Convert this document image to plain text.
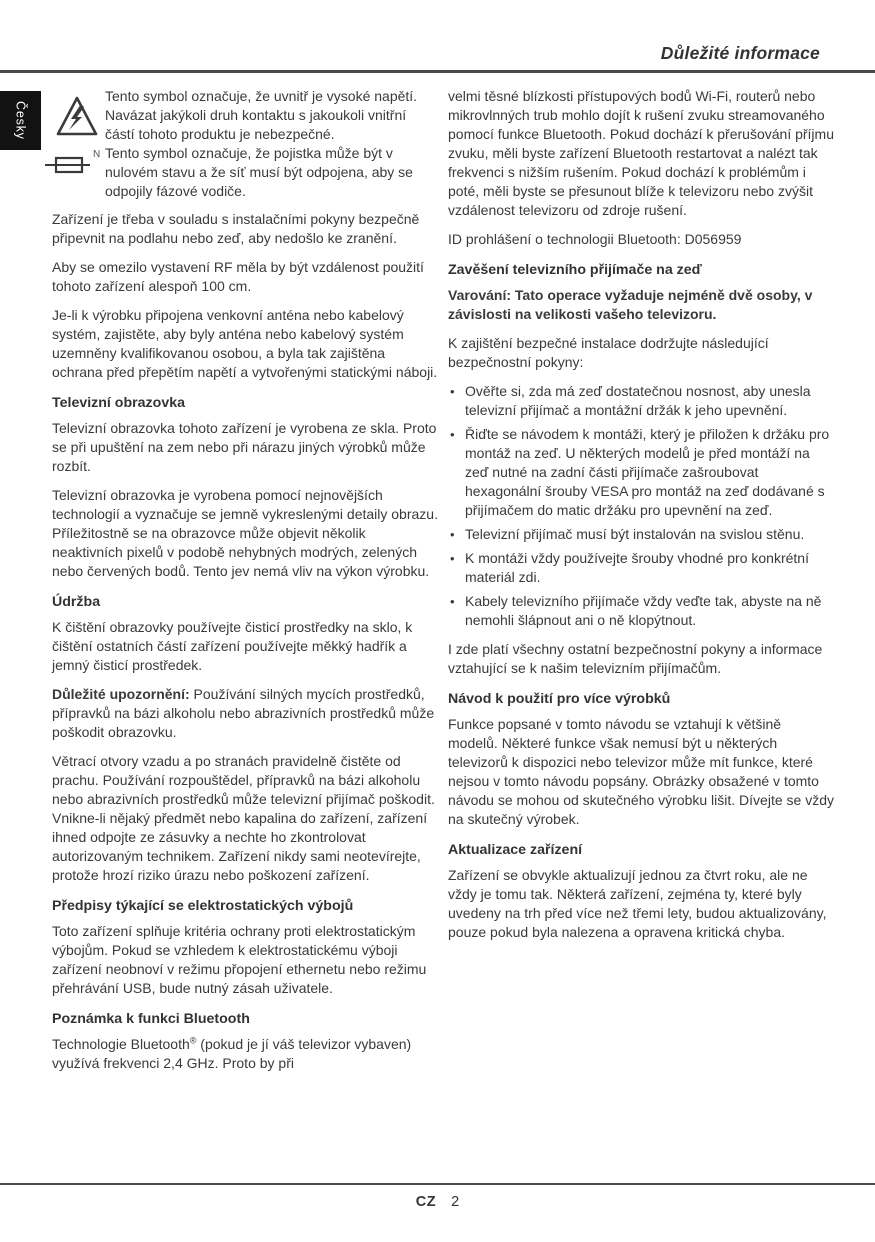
Důležité informace
Česky

Tento symbol označuje, že uvnitř je vysoké napětí. Navázat jakýkoli druh kontaktu s jakoukoli vnitřní částí tohoto produktu je nebezpečné.

N Tento symbol označuje, že pojistka může být v nulovém stavu a že síť musí být odpojena, aby se odpojily fázové vodiče.

Zařízení je třeba v souladu s instalačními pokyny bezpečně připevnit na podlahu nebo zeď, aby nedošlo ke zranění.

Aby se omezilo vystavení RF měla by být vzdálenost použití tohoto zařízení alespoň 100 cm.

Je-li k výrobku připojena venkovní anténa nebo kabelový systém, zajistěte, aby byly anténa nebo kabelový systém uzemněny kvalifikovanou osobou, a byla tak zajištěna ochrana před přepětím napětí a vytvořenými statickými náboji.

Televizní obrazovka

Televizní obrazovka tohoto zařízení je vyrobena ze skla. Proto se při upuštění na zem nebo při nárazu jiných výrobků může rozbít.

Televizní obrazovka je vyrobena pomocí nejnovějších technologií a vyznačuje se jemně vykreslenými detaily obrazu. Příležitostně se na obrazovce může objevit několik neaktivních pixelů v podobě nehybných modrých, zelených nebo červených bodů. Tento jev nemá vliv na výkon výrobku.

Údržba

K čištění obrazovky používejte čisticí prostředky na sklo, k čištění ostatních částí zařízení používejte měkký hadřík a jemný čisticí prostředek.

Důležité upozornění: Používání silných mycích prostředků, přípravků na bázi alkoholu nebo abrazivních prostředků může poškodit obrazovku.

Větrací otvory vzadu a po stranách pravidelně čistěte od prachu. Používání rozpouštědel, přípravků na bázi alkoholu nebo abrazivních prostředků může televizní přijímač poškodit. Vnikne-li nějaký předmět nebo kapalina do zařízení, zařízení ihned odpojte ze zásuvky a nechte ho zkontrolovat autorizovaným technikem. Zařízení nikdy sami neotevírejte, protože hrozí riziko úrazu nebo poškození zařízení.

Předpisy týkající se elektrostatických výbojů

Toto zařízení splňuje kritéria ochrany proti elektrostatickým výbojům. Pokud se vzhledem k elektrostatickému výboji zařízení neobnoví v režimu přopojení ethernetu nebo režimu přehrávání USB, bude nutný zásah uživatele.

Poznámka k funkci Bluetooth

Technologie Bluetooth® (pokud je jí váš televizor vybaven) využívá frekvenci 2,4 GHz. Proto by při

velmi těsné blízkosti přístupových bodů Wi-Fi, routerů nebo mikrovlnných trub mohlo dojít k rušení zvuku streamovaného pomocí funkce Bluetooth. Pokud dochází k přerušování příjmu zvuku, měli byste zařízení Bluetooth restartovat a nalézt tak frekvenci s nižším rušením. Pokud dochází k problémům i poté, měli byste se přesunout blíže k televizoru nebo zvýšit vzdálenost televizoru od zdroje rušení.

ID prohlášení o technologii Bluetooth: D056959

Zavěšení televizního přijímače na zeď

Varování: Tato operace vyžaduje nejméně dvě osoby, v závislosti na velikosti vašeho televizoru.

K zajištění bezpečné instalace dodržujte následující bezpečnostní pokyny:

• Ověřte si, zda má zeď dostatečnou nosnost, aby unesla televizní přijímač a montážní držák k jeho upevnění.
• Řiďte se návodem k montáži, který je přiložen k držáku pro montáž na zeď. U některých modelů je před montáží na zeď nutné na zadní části přijímače zašroubovat hexagonální šrouby VESA pro montáž na zeď dodávané s přijímačem do matic držáku pro upevnění na zeď.
• Televizní přijímač musí být instalován na svislou stěnu.
• K montáži vždy používejte šrouby vhodné pro konkrétní materiál zdi.
• Kabely televizního přijímače vždy veďte tak, abyste na ně nemohli šlápnout ani o ně klopýtnout.

I zde platí všechny ostatní bezpečnostní pokyny a informace vztahující se k našim televizním přijímačům.

Návod k použití pro více výrobků

Funkce popsané v tomto návodu se vztahují k většině modelů. Některé funkce však nemusí být u některých televizorů k dispozici nebo televizor může mít funkce, které nejsou v tomto návodu popsány. Obrázky obsažené v tomto návodu se mohou od skutečného výrobku lišit. Dívejte se vždy na skutečný výrobek.

Aktualizace zařízení

Zařízení se obvykle aktualizují jednou za čtvrt roku, ale ne vždy je tomu tak. Některá zařízení, zejména ty, které byly uvedeny na trh před více než třemi lety, budou aktualizovány, pouze pokud byla nalezena a opravena kritická chyba.

CZ 2
